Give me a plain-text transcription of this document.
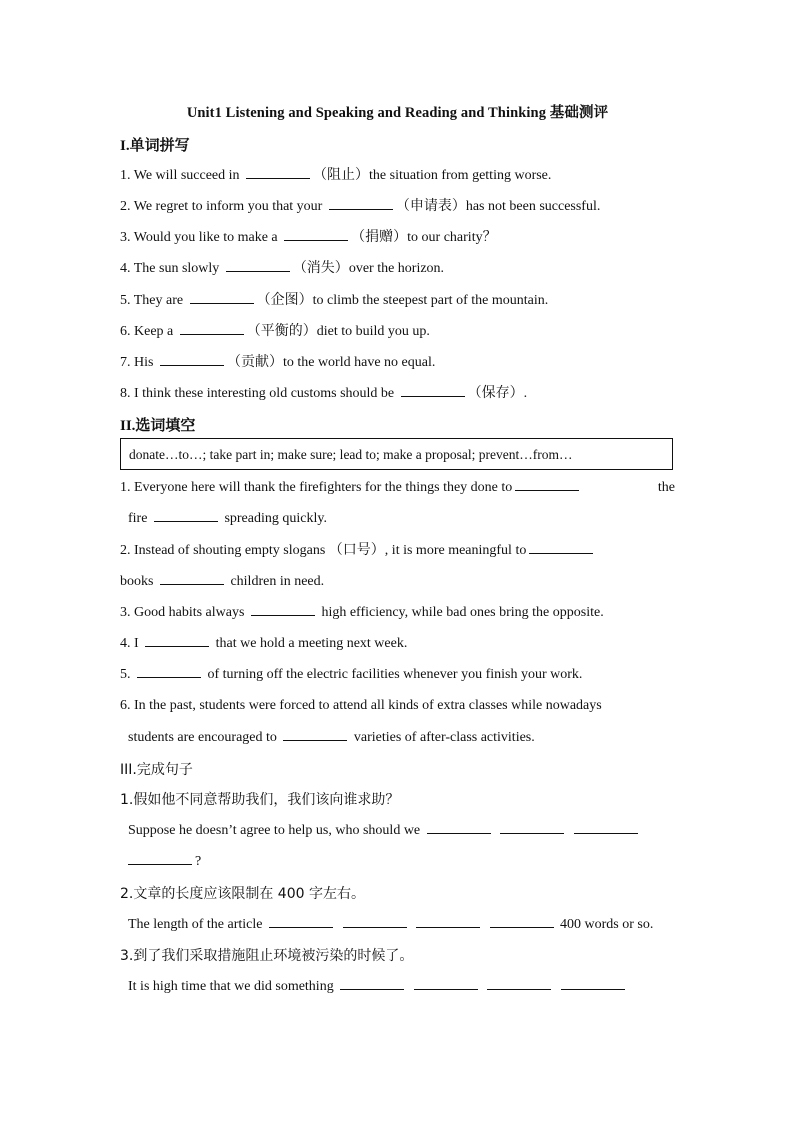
Unit1 Listening and Speaking and Reading and Thinking 基础测评
I.单词拼写
1. We will succeed in	（阻止）the situation from getting worse.
2. We regret to inform you that your	（申请表）has not been successful.
3. Would you like to make a	（捐赠）to our charity？
4. The sun slowly	（消失）over the horizon.
5. They are	（企图）to climb the steepest part of the mountain.
6. Keep a	（平衡的）diet to build you up.
7. His	（贡献）to the world have no equal.
8. I think these interesting old customs should be	（保存）.
II.选词填空
donate…to…; take part in; make sure; lead to; make a proposal; prevent…from…
1. Everyone here will thank the firefighters for the things they done to	the
fire	spreading quickly.
2. Instead of shouting empty slogans （口号）, it is more meaningful to
books	children in need.
3. Good habits always	high efficiency, while bad ones bring the opposite.
4. I	that we hold a meeting next week.
5.	of turning off the electric facilities whenever you finish your work.
6. In the past, students were forced to attend all kinds of extra classes while nowadays
students are encouraged to	varieties of after-class activities.
III.完成句子
1.假如他不同意帮助我们，我们该向谁求助？
Suppose he doesn’t agree to help us, who should we
?
2.文章的长度应该限制在 400 字左右。
The length of the article	400 words or so.
3.到了我们采取措施阻止环境被污染的时候了。
It is high time that we did something
